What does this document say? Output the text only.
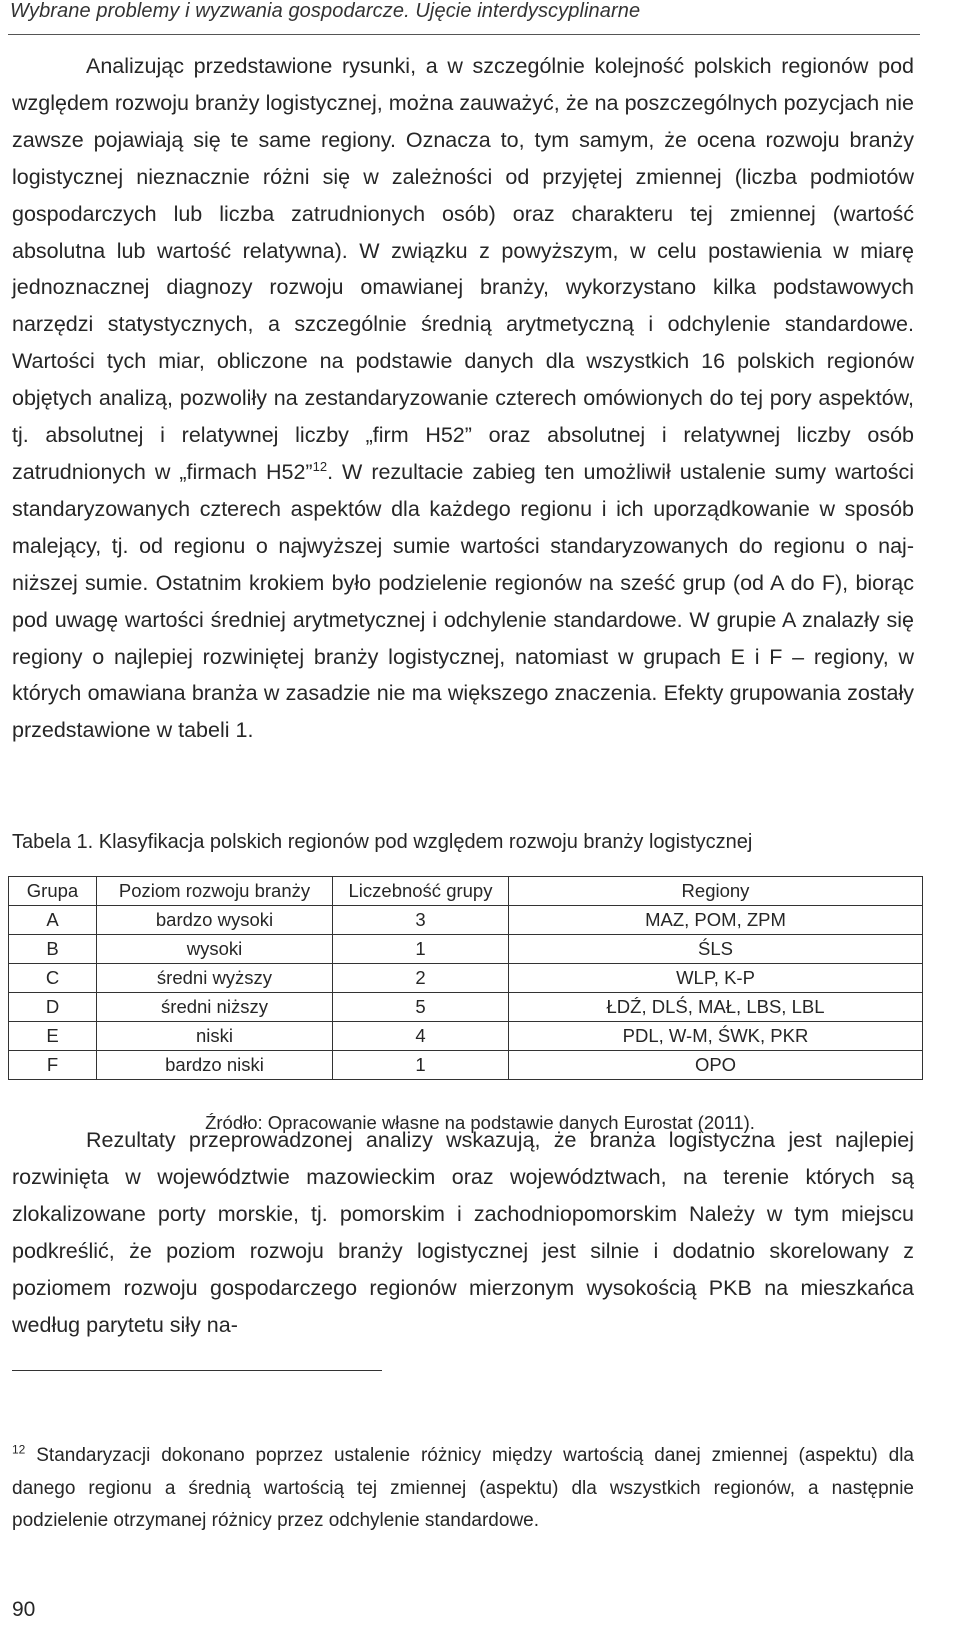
Wybrane problemy i wyzwania gospodarcze. Ujęcie interdyscyplinarne

Analizując przedstawione rysunki, a w szczególnie kolejność polskich regionów pod względem rozwoju branży logistycznej, można zauważyć, że na poszczególnych pozycjach nie zawsze pojawiają się te same regiony. Oznacza to, tym samym, że ocena rozwoju branży logistycznej nieznacznie różni się w zależności od przyjętej zmiennej (liczba podmiotów gospodarczych lub liczba zatrudnionych osób) oraz charakteru tej zmiennej (wartość absolutna lub wartość relatywna). W związku z powyższym, w celu postawienia w miarę jednoznacznej diagnozy rozwoju omawianej branży, wykorzystano kilka podstawowych narzędzi statystycznych, a szczególnie średnią arytmetyczną i odchylenie standardowe. Wartości tych miar, obliczone na podstawie danych dla wszystkich 16 polskich regionów objętych analizą, pozwoliły na zestandaryzowanie czterech omówionych do tej pory aspektów, tj. absolutnej i relatywnej liczby „firm H52” oraz absolutnej i relatywnej liczby osób zatrudnionych w „firmach H52”$^{12}$. W rezultacie zabieg ten umożliwił ustalenie sumy wartości standaryzowanych czterech aspektów dla każdego regionu i ich uporządkowanie w sposób malejący, tj. od regionu o najwyższej sumie wartości standaryzowanych do regionu o najniższej sumie. Ostatnim krokiem było podzielenie regionów na sześć grup (od A do F), biorąc pod uwagę wartości średniej arytmetycznej i odchylenie standardowe. W grupie A znalazły się regiony o najlepiej rozwiniętej branży logistycznej, natomiast w grupach E i F – regiony, w których omawiana branża w zasadzie nie ma większego znaczenia. Efekty grupowania zostały przedstawione w tabeli 1.

Tabela 1. Klasyfikacja polskich regionów pod względem rozwoju branży logistycznej
Grupa	Poziom rozwoju branży	Liczebność grupy	Regiony
A	bardzo wysoki	3	MAZ, POM, ZPM
B	wysoki	1	ŚLS
C	średni wyższy	2	WLP, K-P
D	średni niższy	5	ŁDŹ, DLŚ, MAŁ, LBS, LBL
E	niski	4	PDL, W-M, ŚWK, PKR
F	bardzo niski	1	OPO
Źródło: Opracowanie własne na podstawie danych Eurostat (2011).

Rezultaty przeprowadzonej analizy wskazują, że branża logistyczna jest najlepiej rozwinięta w województwie mazowieckim oraz województwach, na terenie których są zlokalizowane porty morskie, tj. pomorskim i zachodniopomorskim Należy w tym miejscu podkreślić, że poziom rozwoju branży logistycznej jest silnie i dodatnio skorelowany z poziomem rozwoju gospodarczego regionów mierzonym wysokością PKB na mieszkańca według parytetu siły na-

$^{12}$ Standaryzacji dokonano poprzez ustalenie różnicy między wartością danej zmiennej (aspektu) dla danego regionu a średnią wartością tej zmiennej (aspektu) dla wszystkich regionów, a następnie podzielenie otrzymanej różnicy przez odchylenie standardowe.

90
